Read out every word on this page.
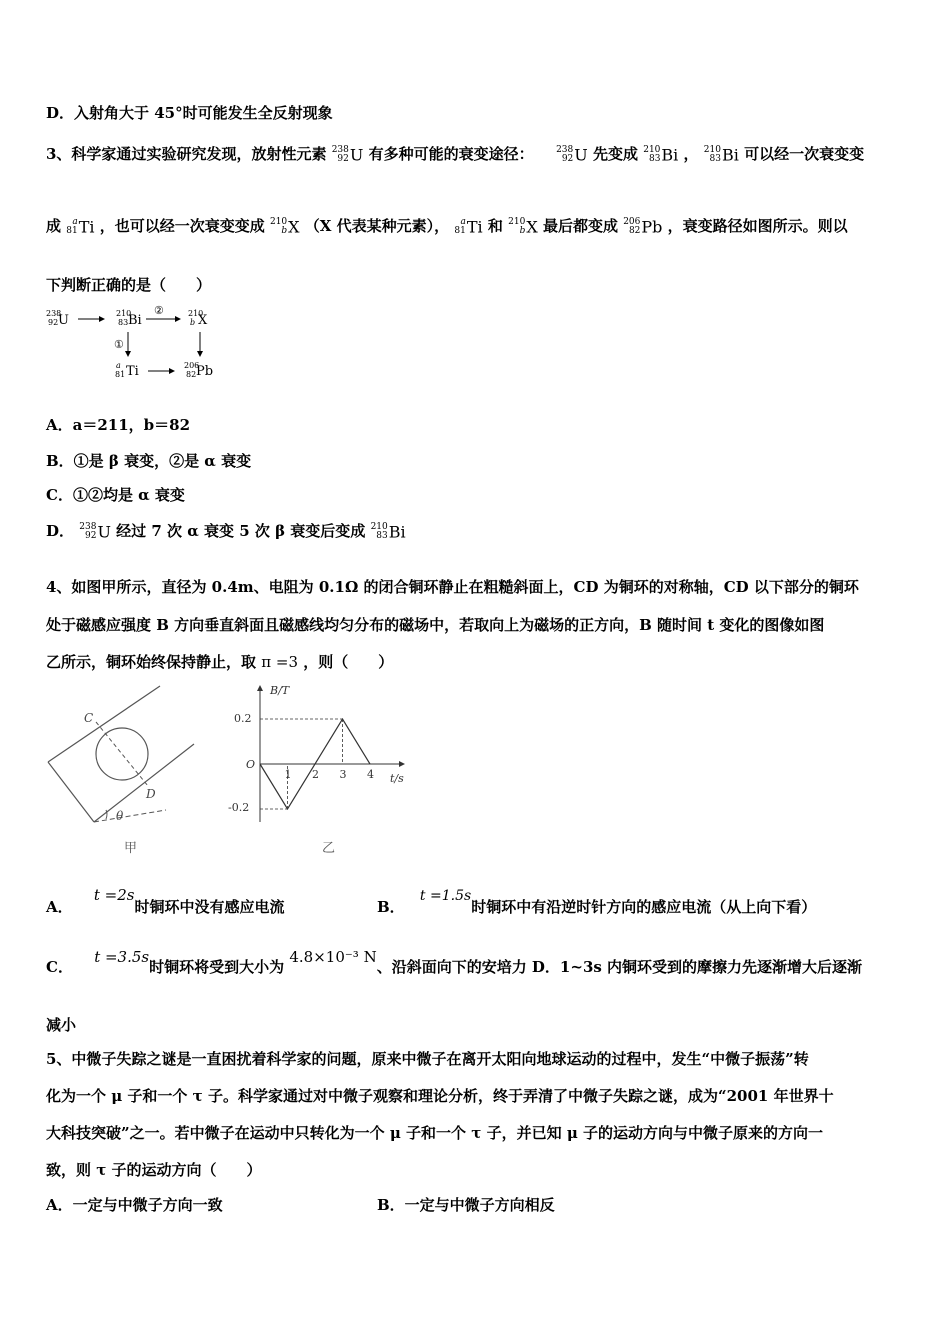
D．入射角大于 45°时可能发生全反射现象
3、科学家通过实验研究发现，放射性元素 238
92 U 有多种可能的衰变途径： 238
92 U 先变成 210
83 Bi ， 210
83 Bi 可以经一次衰变变
成	a
81 Ti ，也可以经一次衰变变成 210
b X （X 代表某种元素），	a
81 Ti 和 210
b X 最后都变成 206
82 Pb ，衰变路径如图所示。则以
下判断正确的是（　　）
238
92 U	210
83 Bi
②	210
b X
①
a
81 Ti	206
82 Pb
A．a＝211，b＝82
B．①是 β 衰变，②是 α 衰变
C．①②均是 α 衰变
D． 238
92 U 经过 7 次 α 衰变 5 次 β 衰变后变成 210
83 Bi
4、如图甲所示，直径为 0.4m、电阻为 0.1Ω 的闭合铜环静止在粗糙斜面上，CD 为铜环的对称轴，CD 以下部分的铜环
处于磁感应强度 B 方向垂直斜面且磁感线均匀分布的磁场中，若取向上为磁场的正方向，B 随时间 t 变化的图像如图
乙所示，铜环始终保持静止，取 π =3 ，则（　　）
C
D
θ
甲
B/T
t/s
0.2
O
-0.2
1 2 3 4
乙
A． t =2s时铜环中没有感应电流	B． t =1.5s时铜环中有沿逆时针方向的感应电流（从上向下看）
C． t =3.5s时铜环将受到大小为 4.8×10⁻³ N、沿斜面向下的安培力 D．1~3s 内铜环受到的摩擦力先逐渐增大后逐渐
减小
5、中微子失踪之谜是一直困扰着科学家的问题，原来中微子在离开太阳向地球运动的过程中，发生“中微子振荡”转
化为一个 μ 子和一个 τ 子。科学家通过对中微子观察和理论分析，终于弄清了中微子失踪之谜，成为“2001 年世界十
大科技突破”之一。若中微子在运动中只转化为一个 μ 子和一个 τ 子，并已知 μ 子的运动方向与中微子原来的方向一
致，则 τ 子的运动方向（　　）
A．一定与中微子方向一致	B．一定与中微子方向相反
